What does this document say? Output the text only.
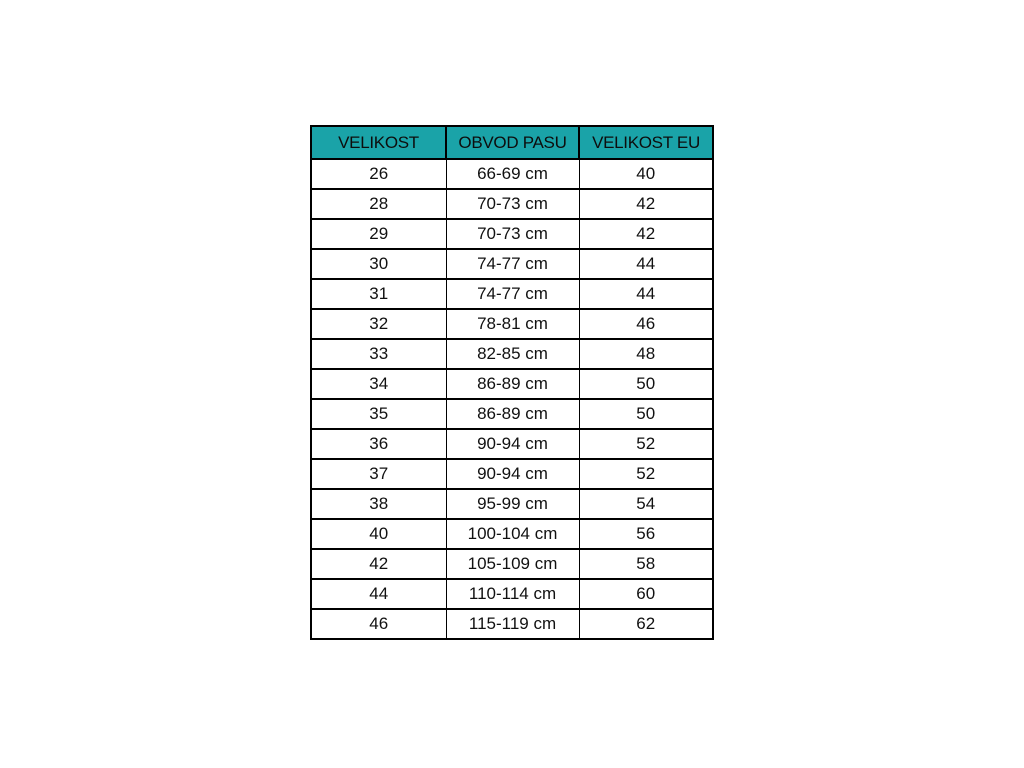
VELIKOST	OBVOD PASU	VELIKOST EU
26	66-69 cm	40
28	70-73 cm	42
29	70-73 cm	42
30	74-77 cm	44
31	74-77 cm	44
32	78-81 cm	46
33	82-85 cm	48
34	86-89 cm	50
35	86-89 cm	50
36	90-94 cm	52
37	90-94 cm	52
38	95-99 cm	54
40	100-104 cm	56
42	105-109 cm	58
44	110-114 cm	60
46	115-119 cm	62
